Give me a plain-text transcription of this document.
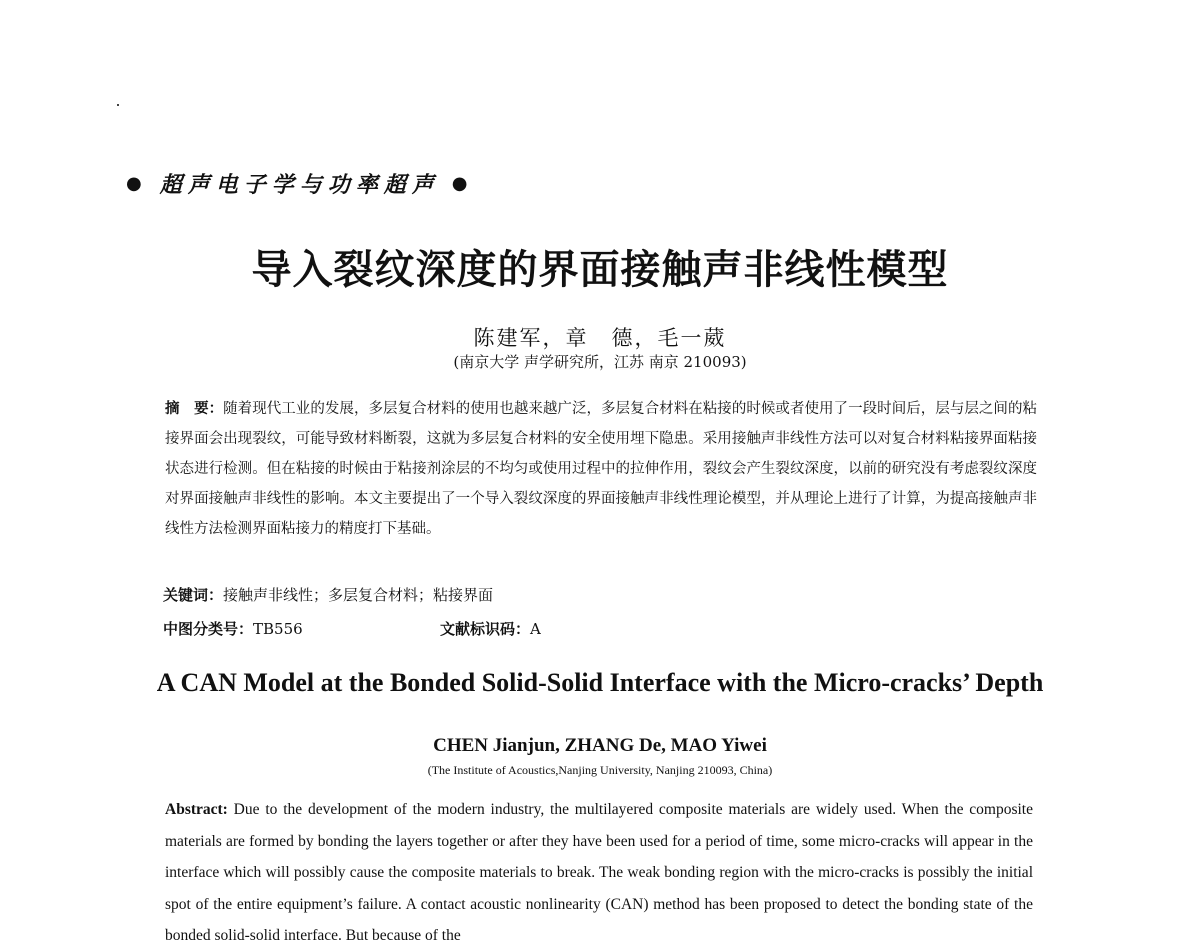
● 超声电子学与功率超声 ●
导入裂纹深度的界面接触声非线性模型
陈建军，章　德，毛一葳
(南京大学 声学研究所，江苏 南京 210093)
摘　要：随着现代工业的发展，多层复合材料的使用也越来越广泛，多层复合材料在粘接的时候或者使用了一段时间后，层与层之间的粘接界面会出现裂纹，可能导致材料断裂，这就为多层复合材料的安全使用埋下隐患。采用接触声非线性方法可以对复合材料粘接界面粘接状态进行检测。但在粘接的时候由于粘接剂涂层的不均匀或使用过程中的拉伸作用，裂纹会产生裂纹深度，以前的研究没有考虑裂纹深度对界面接触声非线性的影响。本文主要提出了一个导入裂纹深度的界面接触声非线性理论模型，并从理论上进行了计算，为提高接触声非线性方法检测界面粘接力的精度打下基础。
关键词：接触声非线性；多层复合材料；粘接界面
中图分类号：TB556	文献标识码：A
A CAN Model at the Bonded Solid-Solid Interface with the Micro-cracks’ Depth
CHEN Jianjun, ZHANG De, MAO Yiwei
(The Institute of Acoustics,Nanjing University, Nanjing 210093, China)
Abstract: Due to the development of the modern industry, the multilayered composite materials are widely used. When the composite materials are formed by bonding the layers together or after they have been used for a period of time, some micro-cracks will appear in the interface which will possibly cause the composite materials to break. The weak bonding region with the micro-cracks is possibly the initial spot of the entire equipment’s failure. A contact acoustic nonlinearity (CAN) method has been proposed to detect the bonding state of the bonded solid-solid interface. But because of the
